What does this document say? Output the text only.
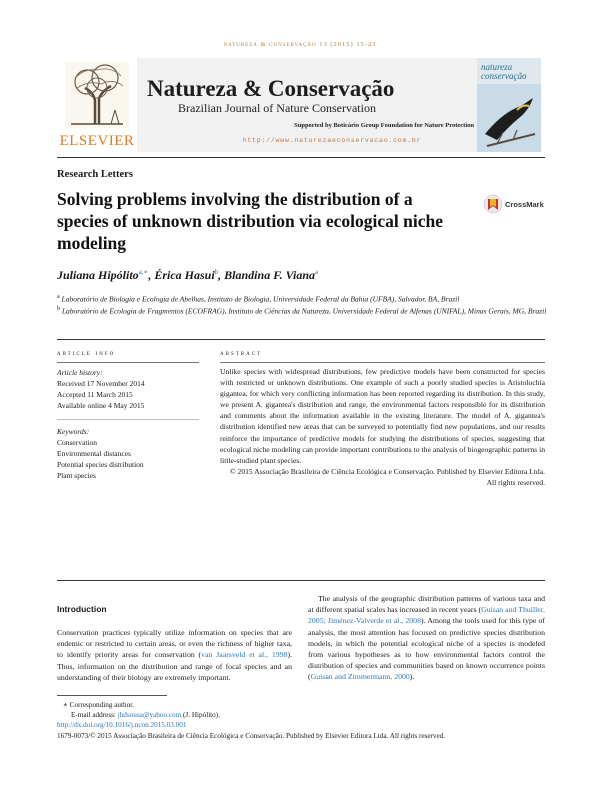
natureza & conservação 13 (2015) 15-23
ELSEVIER
Natureza & Conservação
Brazilian Journal of Nature Conservation
Supported by Boticário Group Foundation for Nature Protection
http://www.naturezaeconservacao.com.br
natureza
conservação
Research Letters
Solving problems involving the distribution of a species of unknown distribution via ecological niche modeling
CrossMark
Juliana Hipólito$^{a,∗}$, Érica Hasui$^b$, Blandina F. Viana$^a$
$^a$ Laboratório de Biologia e Ecologia de Abelhas, Instituto de Biologia, Universidade Federal da Bahia (UFBA), Salvador, BA, Brazil
$^b$ Laboratório de Ecologia de Fragmentos (ECOFRAG), Instituto de Ciências da Natureza, Universidade Federal de Alfenas (UNIFAL), Minas Gerais, MG, Brazil
article info	abstract
Article history:
Received 17 November 2014
Accepted 11 March 2015
Available online 4 May 2015
Keywords:
Conservation
Environmental distances
Potential species distribution
Plant species
Unlike species with widespread distributions, few predictive models have been constructed for species with restricted or unknown distributions. One example of such a poorly studied species is Aristolochia gigantea, for which very conflicting information has been reported regarding its distribution. In this study, we present A. gigantea's distribution and range, the environmental factors responsible for its distribution and comments about the information available in the existing literature. The model of A. gigantea's distribution identified new areas that can be surveyed to potentially find new populations, and our results reinforce the importance of predictive models for studying the distributions of species, suggesting that ecological niche modeling can provide important contributions to the analysis of biogeographic patterns in little-studied plant species.
© 2015 Associação Brasileira de Ciência Ecológica e Conservação. Published by Elsevier Editora Ltda. All rights reserved.
Introduction
Conservation practices typically utilize information on species that are endemic or restricted to certain areas, or even the richness of higher taxa, to identify priority areas for conservation (van Jaarsveld et al., 1998). Thus, information on the distribution and range of focal species and an understanding of their biology are extremely important.
The analysis of the geographic distribution patterns of various taxa and at different spatial scales has increased in recent years (Guisan and Thuiller, 2005; Jiménez-Valverde et al., 2008). Among the tools used for this type of analysis, the most attention has focused on predictive species distribution models, in which the potential ecological niche of a species is modeled from various hypotheses as to how environmental factors control the distribution of species and communities based on known occurrence points (Guisan and Zimmermann, 2000).
∗ Corresponding author.
E-mail address: jhdsousa@yahoo.com (J. Hipólito).
http://dx.doi.org/10.1016/j.ncon.2015.03.001
1679-0073/© 2015 Associação Brasileira de Ciência Ecológica e Conservação. Published by Elsevier Editora Ltda. All rights reserved.
